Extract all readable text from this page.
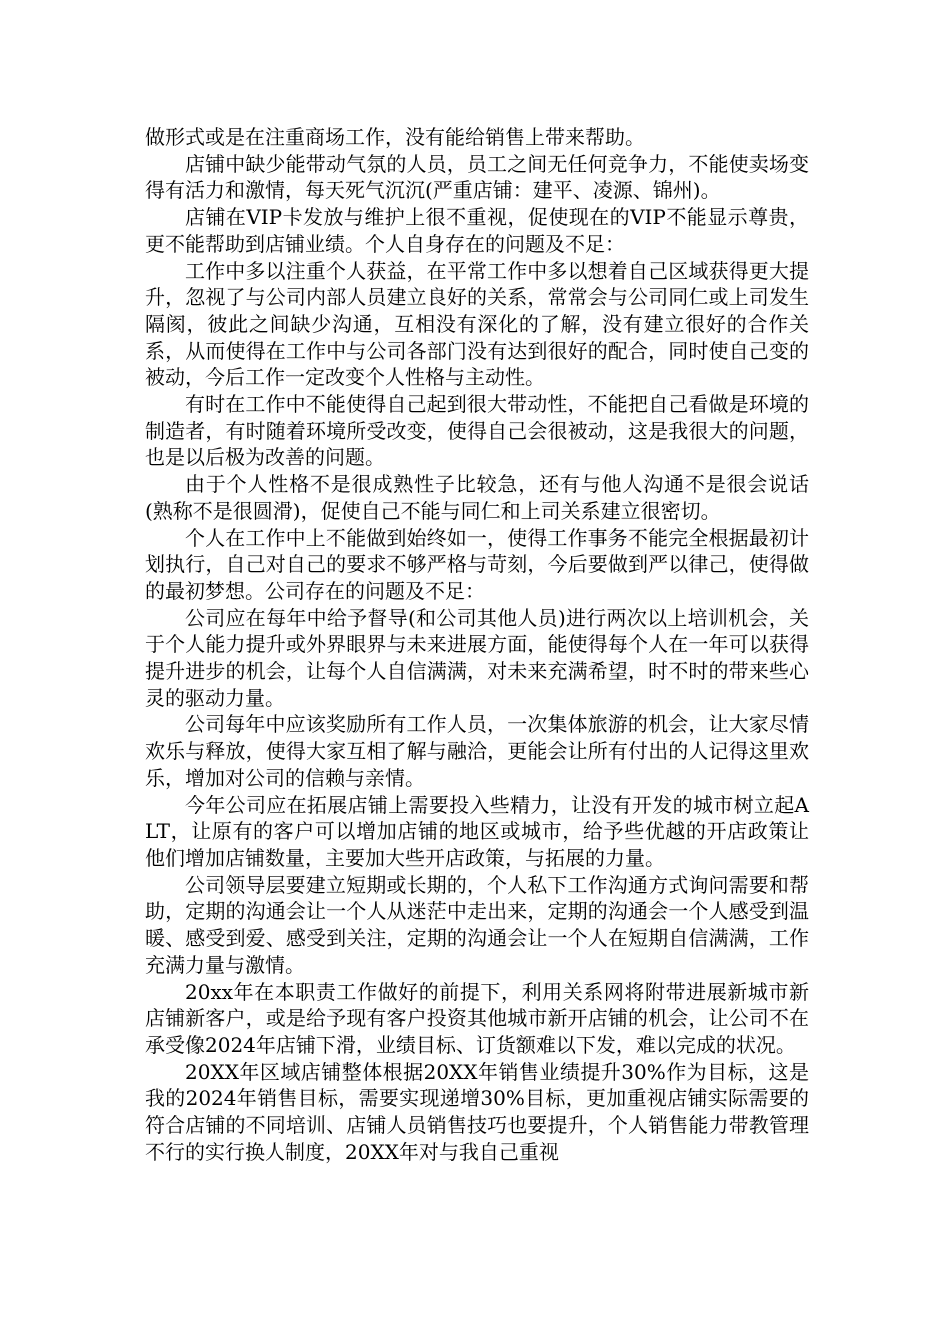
做形式或是在注重商场工作，没有能给销售上带来帮助。

店铺中缺少能带动气氛的人员，员工之间无任何竞争力，不能使卖场变得有活力和激情，每天死气沉沉(严重店铺：建平、凌源、锦州)。

店铺在VIP卡发放与维护上很不重视，促使现在的VIP不能显示尊贵，更不能帮助到店铺业绩。个人自身存在的问题及不足：

工作中多以注重个人获益，在平常工作中多以想着自己区域获得更大提升，忽视了与公司内部人员建立良好的关系，常常会与公司同仁或上司发生隔阂，彼此之间缺少沟通，互相没有深化的了解，没有建立很好的合作关系，从而使得在工作中与公司各部门没有达到很好的配合，同时使自己变的被动，今后工作一定改变个人性格与主动性。

有时在工作中不能使得自己起到很大带动性，不能把自己看做是环境的制造者，有时随着环境所受改变，使得自己会很被动，这是我很大的问题，也是以后极为改善的问题。

由于个人性格不是很成熟性子比较急，还有与他人沟通不是很会说话(熟称不是很圆滑)，促使自己不能与同仁和上司关系建立很密切。

个人在工作中上不能做到始终如一，使得工作事务不能完全根据最初计划执行，自己对自己的要求不够严格与苛刻，今后要做到严以律己，使得做的最初梦想。公司存在的问题及不足：

公司应在每年中给予督导(和公司其他人员)进行两次以上培训机会，关于个人能力提升或外界眼界与未来进展方面，能使得每个人在一年可以获得提升进步的机会，让每个人自信满满，对未来充满希望，时不时的带来些心灵的驱动力量。

公司每年中应该奖励所有工作人员，一次集体旅游的机会，让大家尽情欢乐与释放，使得大家互相了解与融洽，更能会让所有付出的人记得这里欢乐，增加对公司的信赖与亲情。

今年公司应在拓展店铺上需要投入些精力，让没有开发的城市树立起ALT，让原有的客户可以增加店铺的地区或城市，给予些优越的开店政策让他们增加店铺数量，主要加大些开店政策，与拓展的力量。

公司领导层要建立短期或长期的，个人私下工作沟通方式询问需要和帮助，定期的沟通会让一个人从迷茫中走出来，定期的沟通会一个人感受到温暖、感受到爱、感受到关注，定期的沟通会让一个人在短期自信满满，工作充满力量与激情。

20xx年在本职责工作做好的前提下，利用关系网将附带进展新城市新店铺新客户，或是给予现有客户投资其他城市新开店铺的机会，让公司不在承受像2024年店铺下滑，业绩目标、订货额难以下发，难以完成的状况。

20XX年区域店铺整体根据20XX年销售业绩提升30%作为目标，这是我的2024年销售目标，需要实现递增30%目标，更加重视店铺实际需要的符合店铺的不同培训、店铺人员销售技巧也要提升，个人销售能力带教管理不行的实行换人制度，20XX年对与我自己重视
